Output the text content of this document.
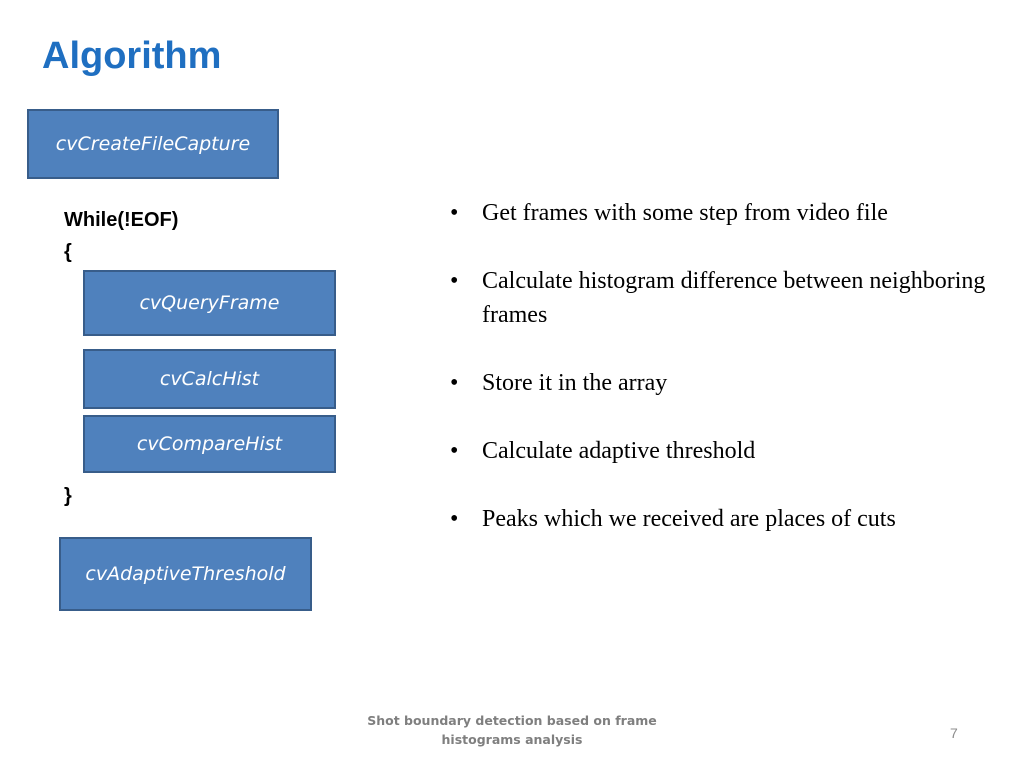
Algorithm
cvCreateFileCapture
While(!EOF)
{
cvQueryFrame
cvCalcHist
cvCompareHist
}
cvAdaptiveThreshold
• Get frames with some step from video file
• Calculate histogram difference between neighboring frames
• Store it in the array
• Calculate adaptive threshold
• Peaks which we received are places of cuts
Shot boundary detection based on frame
histograms analysis	7
